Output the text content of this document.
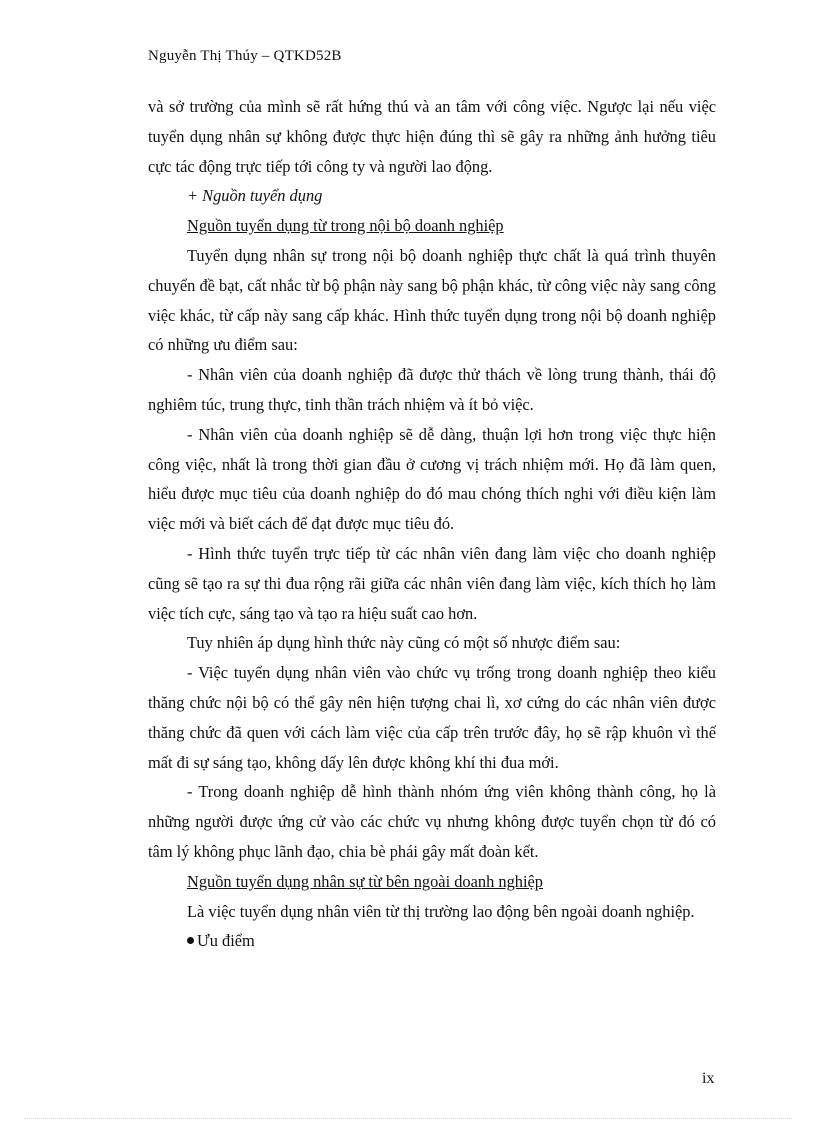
Nguyễn Thị Thúy – QTKD52B

và sở trường của mình sẽ rất hứng thú và an tâm với công việc. Ngược lại nếu việc tuyển dụng nhân sự không được thực hiện đúng thì sẽ gây ra những ảnh hưởng tiêu cực tác động trực tiếp tới công ty và người lao động.

+ Nguồn tuyển dụng

Nguồn tuyển dụng từ trong nội bộ doanh nghiệp

Tuyển dụng nhân sự trong nội bộ doanh nghiệp thực chất là quá trình thuyên chuyển đề bạt, cất nhắc từ bộ phận này sang bộ phận khác, từ công việc này sang công việc khác, từ cấp này sang cấp khác. Hình thức tuyển dụng trong nội bộ doanh nghiệp có những ưu điểm sau:

- Nhân viên của doanh nghiệp đã được thử thách về lòng trung thành, thái độ nghiêm túc, trung thực, tinh thần trách nhiệm và ít bỏ việc.

- Nhân viên của doanh nghiệp sẽ dễ dàng, thuận lợi hơn trong việc thực hiện công việc, nhất là trong thời gian đầu ở cương vị trách nhiệm mới. Họ đã làm quen, hiểu được mục tiêu của doanh nghiệp do đó mau chóng thích nghi với điều kiện làm việc mới và biết cách để đạt được mục tiêu đó.

- Hình thức tuyển trực tiếp từ các nhân viên đang làm việc cho doanh nghiệp cũng sẽ tạo ra sự thi đua rộng rãi giữa các nhân viên đang làm việc, kích thích họ làm việc tích cực, sáng tạo và tạo ra hiệu suất cao hơn.

Tuy nhiên áp dụng hình thức này cũng có một số nhược điểm sau:

- Việc tuyển dụng nhân viên vào chức vụ trống trong doanh nghiệp theo kiểu thăng chức nội bộ có thể gây nên hiện tượng chai lì, xơ cứng do các nhân viên được thăng chức đã quen với cách làm việc của cấp trên trước đây, họ sẽ rập khuôn vì thế mất đi sự sáng tạo, không dấy lên được không khí thi đua mới.

- Trong doanh nghiệp dễ hình thành nhóm ứng viên không thành công, họ là những người được ứng cử vào các chức vụ nhưng không được tuyển chọn từ đó có tâm lý không phục lãnh đạo, chia bè phái gây mất đoàn kết.

Nguồn tuyển dụng nhân sự từ bên ngoài doanh nghiệp

Là việc tuyển dụng nhân viên từ thị trường lao động bên ngoài doanh nghiệp.

Ưu điểm

ix
